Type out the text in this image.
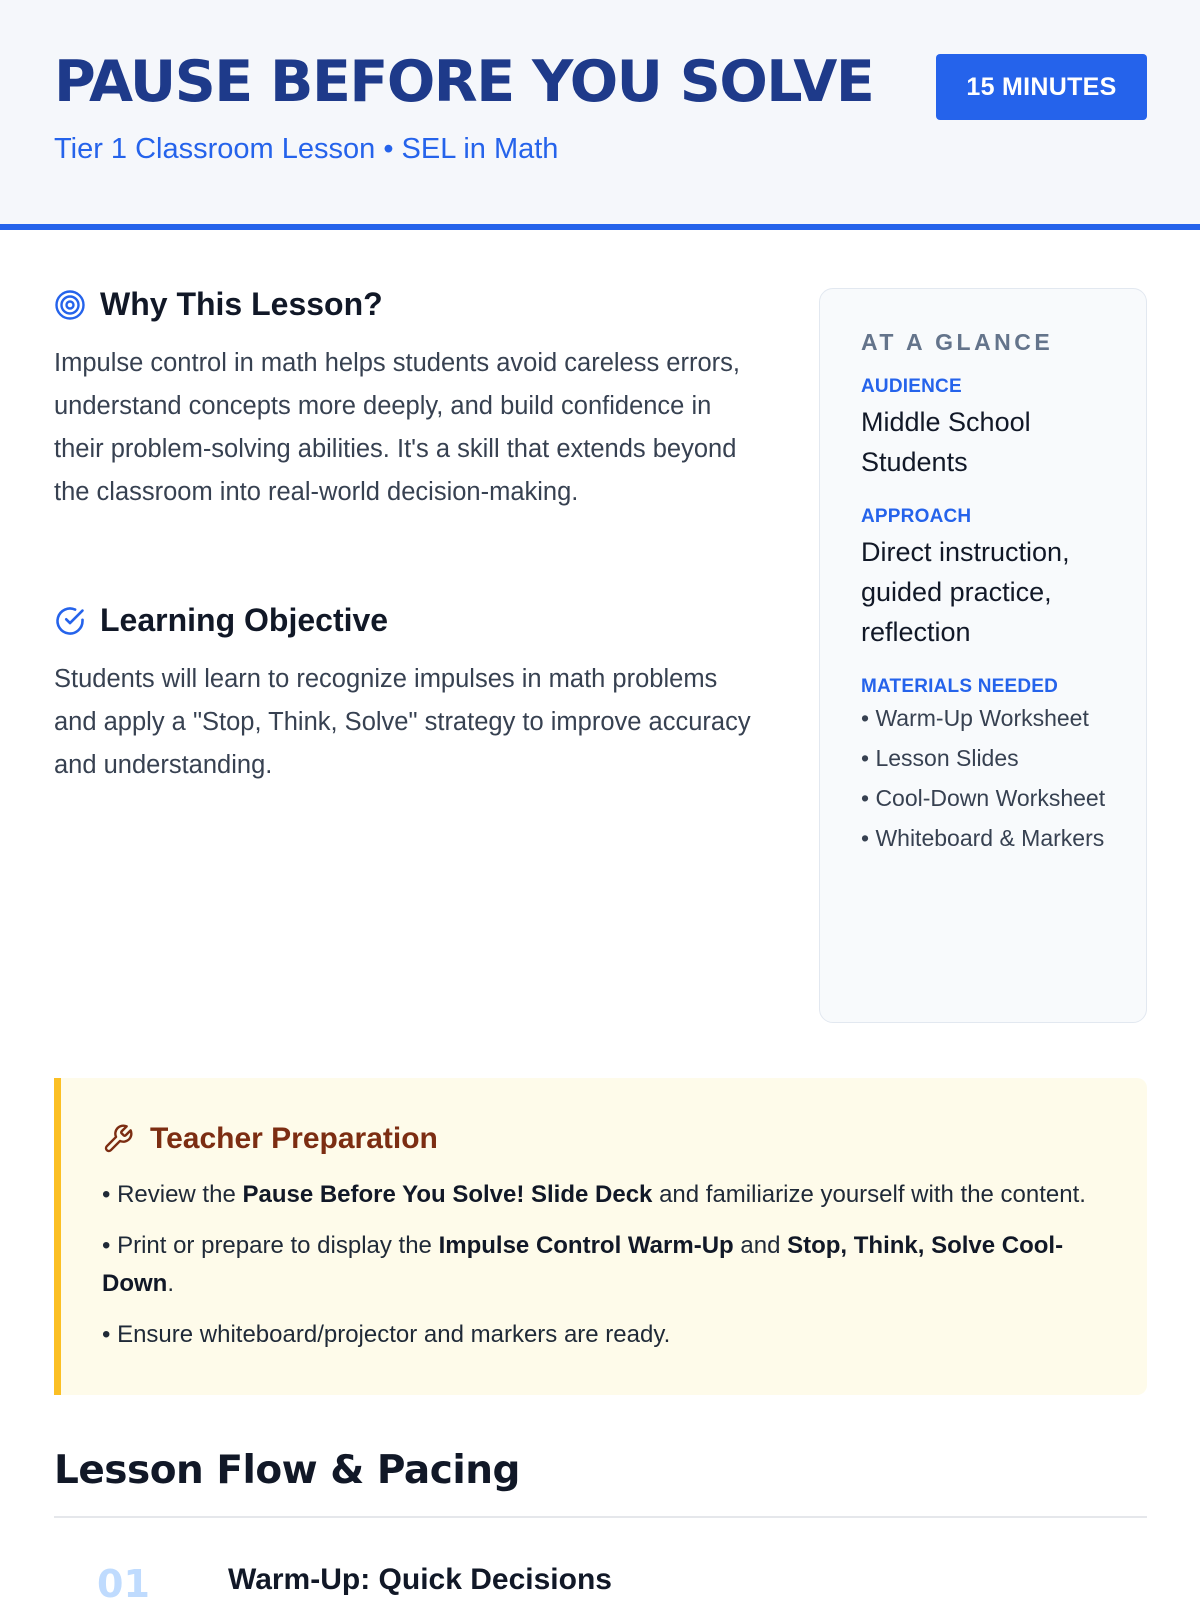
PAUSE BEFORE YOU SOLVE
Tier 1 Classroom Lesson • SEL in Math
15 MINUTES
Why This Lesson?

Impulse control in math helps students avoid careless errors, understand concepts more deeply, and build confidence in their problem-solving abilities. It's a skill that extends beyond the classroom into real-world decision-making.

Learning Objective

Students will learn to recognize impulses in math problems and apply a "Stop, Think, Solve" strategy to improve accuracy and understanding.

AT A GLANCE
AUDIENCE
Middle School Students
APPROACH
Direct instruction, guided practice, reflection
MATERIALS NEEDED
• Warm-Up Worksheet
• Lesson Slides
• Cool-Down Worksheet
• Whiteboard & Markers
Teacher Preparation
• Review the Pause Before You Solve! Slide Deck and familiarize yourself with the content.
• Print or prepare to display the Impulse Control Warm-Up and Stop, Think, Solve Cool-Down.
• Ensure whiteboard/projector and markers are ready.
Lesson Flow & Pacing
01	Warm-Up: Quick Decisions
